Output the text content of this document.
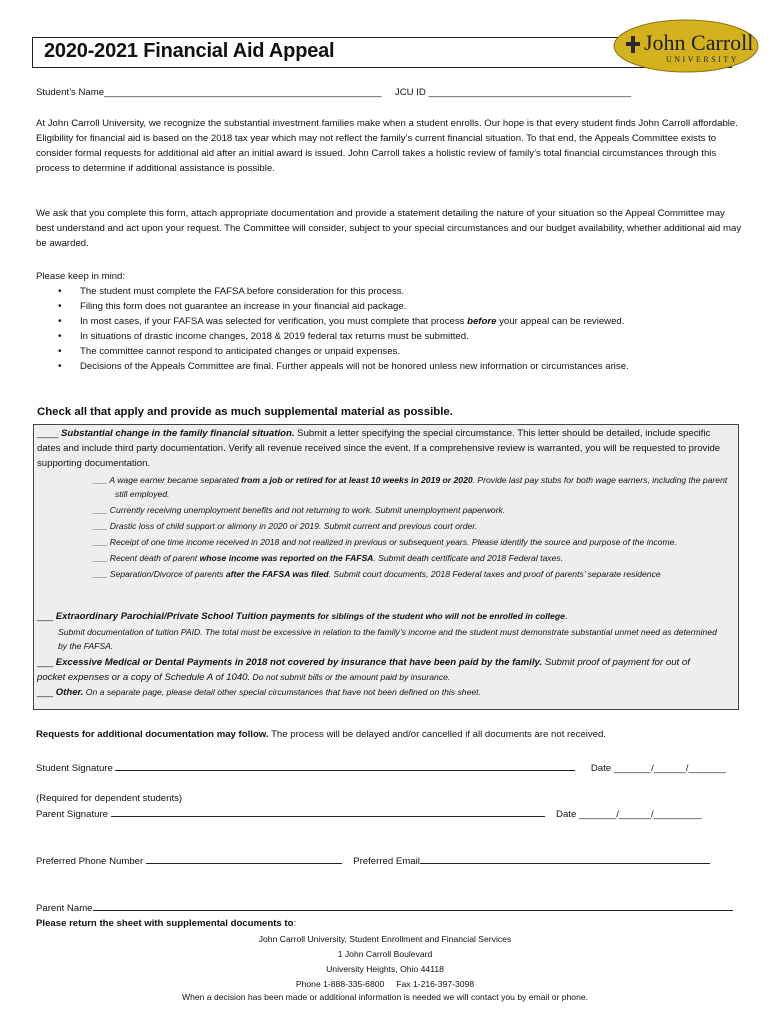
2020-2021 Financial Aid Appeal	John Carroll
UNIVERSITY
Student’s Name____________________________________________________ JCU ID ______________________________________
At John Carroll University, we recognize the substantial investment families make when a student enrolls. Our hope is that every student finds John Carroll affordable. Eligibility for financial aid is based on the 2018 tax year which may not reflect the family’s current financial situation. To that end, the Appeals Committee exists to consider formal requests for additional aid after an initial award is issued. John Carroll takes a holistic review of family’s total financial circumstances through this process to determine if additional assistance is possible.
We ask that you complete this form, attach appropriate documentation and provide a statement detailing the nature of your situation so the Appeal Committee may best understand and act upon your request. The Committee will consider, subject to your special circumstances and our budget availability, whether additional aid may be awarded.
Please keep in mind:
• The student must complete the FAFSA before consideration for this process.
• Filing this form does not guarantee an increase in your financial aid package.
• In most cases, if your FAFSA was selected for verification, you must complete that process before your appeal can be reviewed.
• In situations of drastic income changes, 2018 & 2019 federal tax returns must be submitted.
• The committee cannot respond to anticipated changes or unpaid expenses.
• Decisions of the Appeals Committee are final. Further appeals will not be honored unless new information or circumstances arise.
Check all that apply and provide as much supplemental material as possible.
____ Substantial change in the family financial situation. Submit a letter specifying the special circumstance. This letter should be detailed, include specific dates and include third party documentation. Verify all revenue received since the event. If a comprehensive review is warranted, you will be requested to provide supporting documentation.
___ A wage earner became separated from a job or retired for at least 10 weeks in 2019 or 2020. Provide last pay stubs for both wage earners, including the parent still employed.
___ Currently receiving unemployment benefits and not returning to work. Submit unemployment paperwork.
___ Drastic loss of child support or alimony in 2020 or 2019. Submit current and previous court order.
___ Receipt of one time income received in 2018 and not realized in previous or subsequent years. Please identify the source and purpose of the income.
___ Recent death of parent whose income was reported on the FAFSA. Submit death certificate and 2018 Federal taxes.
___ Separation/Divorce of parents after the FAFSA was filed. Submit court documents, 2018 Federal taxes and proof of parents’ separate residence
___ Extraordinary Parochial/Private School Tuition payments for siblings of the student who will not be enrolled in college.
Submit documentation of tuition PAID. The total must be excessive in relation to the family’s income and the student must demonstrate substantial unmet need as determined by the FAFSA.
___ Excessive Medical or Dental Payments in 2018 not covered by insurance that have been paid by the family. Submit proof of payment for out of pocket expenses or a copy of Schedule A of 1040. Do not submit bills or the amount paid by insurance.
___ Other. On a separate page, please detail other special circumstances that have not been defined on this sheet.
Requests for additional documentation may follow. The process will be delayed and/or cancelled if all documents are not received.
Student Signature	Date _______/______/_______
(Required for dependent students)
Parent Signature	Date _______/______/_________
Preferred Phone Number	Preferred Email
Parent Name
Please return the sheet with supplemental documents to:
John Carroll University, Student Enrollment and Financial Services
1 John Carroll Boulevard
University Heights, Ohio 44118
Phone 1-888-335-6800     Fax 1-216-397-3098
When a decision has been made or additional information is needed we will contact you by email or phone.
